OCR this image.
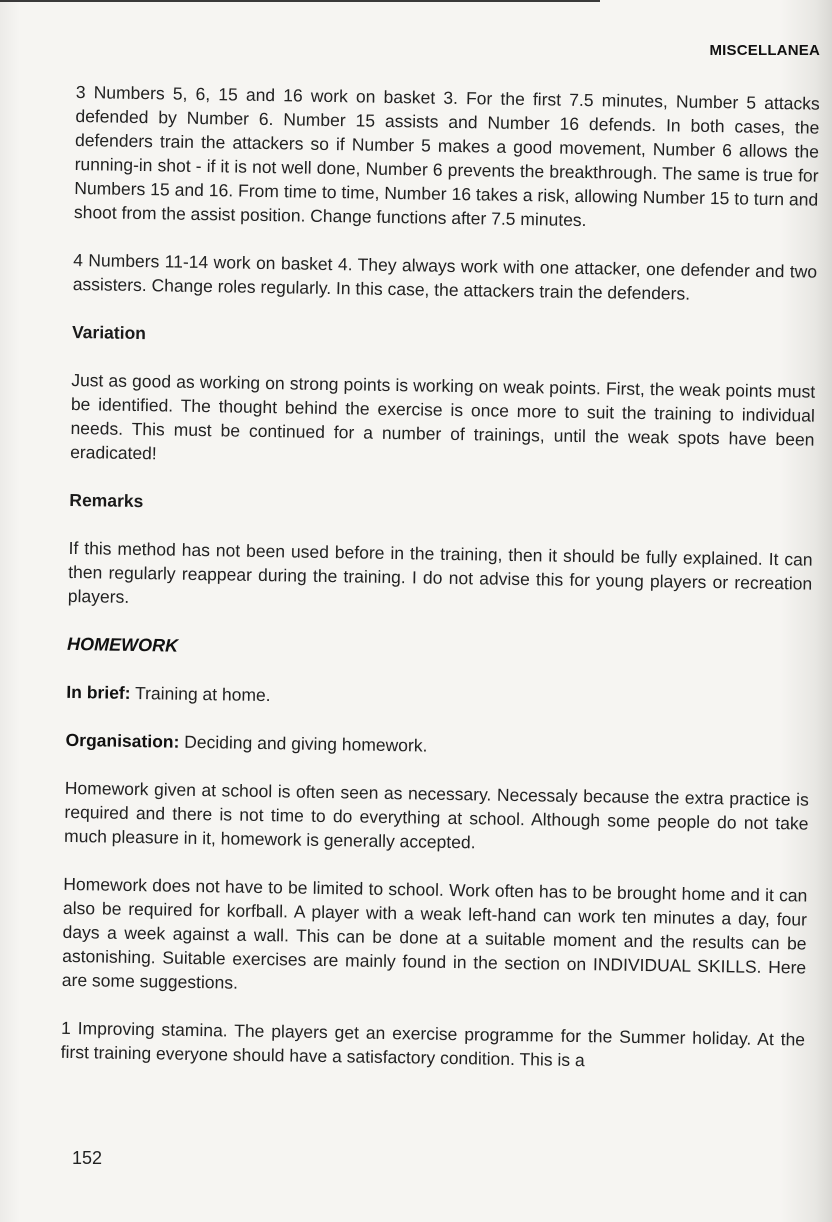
MISCELLANEA

3 Numbers 5, 6, 15 and 16 work on basket 3. For the first 7.5 minutes, Number 5 attacks defended by Number 6. Number 15 assists and Number 16 defends. In both cases, the defenders train the attackers so if Number 5 makes a good movement, Number 6 allows the running-in shot - if it is not well done, Number 6 prevents the breakthrough. The same is true for Numbers 15 and 16. From time to time, Number 16 takes a risk, allowing Number 15 to turn and shoot from the assist position. Change functions after 7.5 minutes.

4 Numbers 11-14 work on basket 4. They always work with one attacker, one defender and two assisters. Change roles regularly. In this case, the attackers train the defenders.

Variation

Just as good as working on strong points is working on weak points. First, the weak points must be identified. The thought behind the exercise is once more to suit the training to individual needs. This must be continued for a number of trainings, until the weak spots have been eradicated!

Remarks

If this method has not been used before in the training, then it should be fully explained. It can then regularly reappear during the training. I do not advise this for young players or recreation players.

HOMEWORK

In brief: Training at home.

Organisation: Deciding and giving homework.

Homework given at school is often seen as necessary. Necessaly because the extra practice is required and there is not time to do everything at school. Although some people do not take much pleasure in it, homework is generally accepted.

Homework does not have to be limited to school. Work often has to be brought home and it can also be required for korfball. A player with a weak left-hand can work ten minutes a day, four days a week against a wall. This can be done at a suitable moment and the results can be astonishing. Suitable exercises are mainly found in the section on INDIVIDUAL SKILLS. Here are some suggestions.

1 Improving stamina. The players get an exercise programme for the Summer holiday. At the first training everyone should have a satisfactory condition. This is a

152
